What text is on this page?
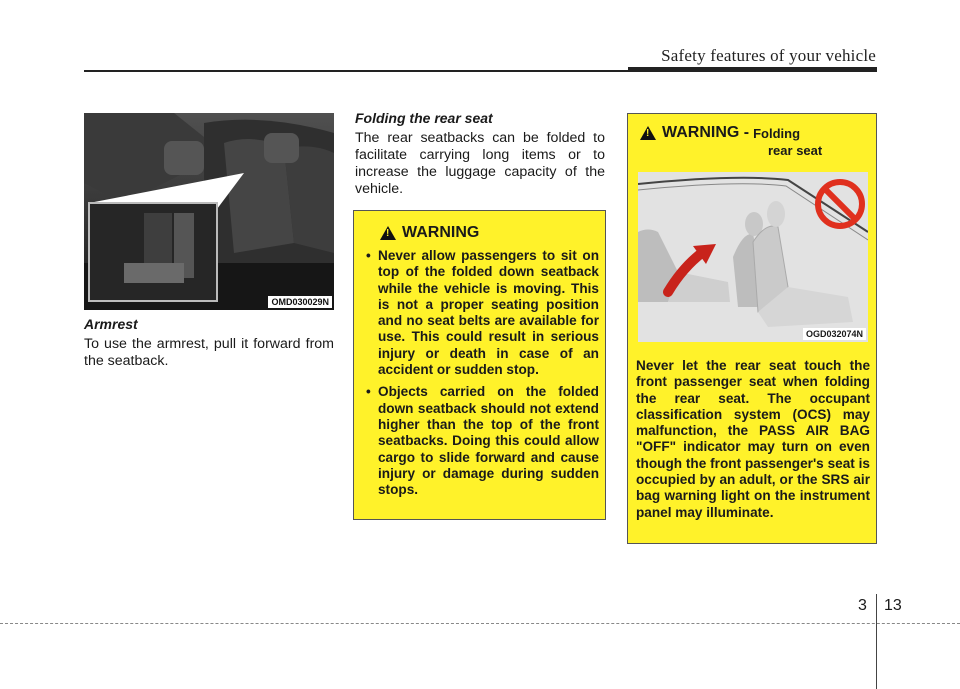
Safety features of your vehicle
OMD030029N
Armrest
To use the armrest, pull it forward from the seatback.
Folding the rear seat
The rear seatbacks can be folded to facilitate carrying long items or to increase the luggage capacity of the vehicle.
!
WARNING
• Never allow passengers to sit on top of the folded down seatback while the vehicle is moving. This is not a proper seating position and no seat belts are available for use. This could result in serious injury or death in case of an accident or sudden stop.
• Objects carried on the folded down seatback should not extend higher than the top of the front seatbacks. Doing this could allow cargo to slide forward and cause injury or damage during sudden stops.
!
WARNING - Folding
rear seat
OGD032074N
Never let the rear seat touch the front passenger seat when folding the rear seat. The occupant classification system (OCS) may malfunction, the PASS AIR BAG "OFF" indicator may turn on even though the front passenger's seat is occupied by an adult, or the SRS air bag warning light on the instrument panel may illuminate.
3 13
